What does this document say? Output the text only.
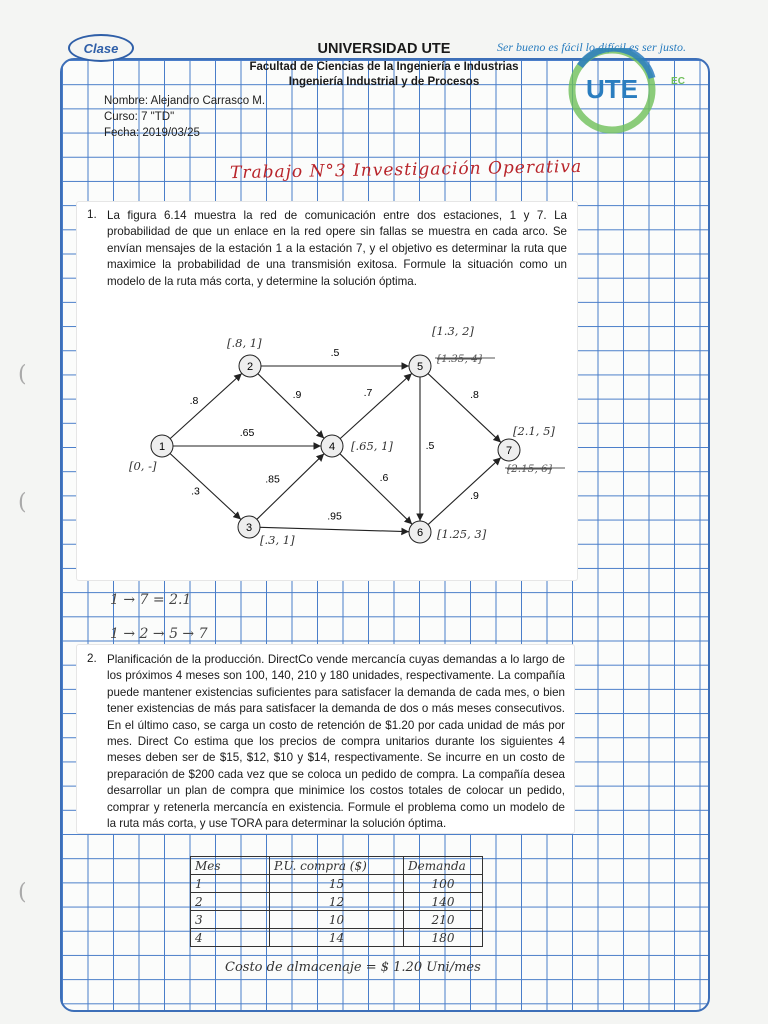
Clase	UNIVERSIDAD UTE	Ser bueno es fácil lo difícil es ser justo.
UTE	EC
Facultad de Ciencias de la Ingeniería e Industrias
Ingeniería Industrial y de Procesos
Nombre: Alejandro Carrasco M.
Curso: 7 "TD"
Fecha: 2019/03/25
Trabajo N°3 Investigación Operativa
(
(
(
1. La figura 6.14 muestra la red de comunicación entre dos estaciones, 1 y 7. La probabilidad de que un enlace en la red opere sin fallas se muestra en cada arco. Se envían mensajes de la estación 1 a la estación 7, y el objetivo es determinar la ruta que maximice la probabilidad de una transmisión exitosa. Formule la situación como un modelo de la ruta más corta, y determine la solución óptima.
.8
.65
.3
.5
.9
.85
.95
.7
.6
.5
.8
.9
1
[0, -]
2
[.8, 1]
3
[.3, 1]
4 [.65, 1]
5
[1.3, 2]
6 [1.25, 3]
7
[2.1, 5]
[1.35, 4]
[2.15, 6]
1 → 7 = 2.1
1 → 2 → 5 → 7
2. Planificación de la producción. DirectCo vende mercancía cuyas demandas a lo largo de los próximos 4 meses son 100, 140, 210 y 180 unidades, respectivamente. La compañía puede mantener existencias suficientes para satisfacer la demanda de cada mes, o bien tener existencias de más para satisfacer la demanda de dos o más meses consecutivos. En el último caso, se carga un costo de retención de $1.20 por cada unidad de más por mes. Direct Co estima que los precios de compra unitarios durante los siguientes 4 meses deben ser de $15, $12, $10 y $14, respectivamente. Se incurre en un costo de preparación de $200 cada vez que se coloca un pedido de compra. La compañía desea desarrollar un plan de compra que minimice los costos totales de colocar un pedido, comprar y retenerla mercancía en existencia. Formule el problema como un modelo de la ruta más corta, y use TORA para determinar la solución óptima.
Mes	P.U. compra ($)	Demanda
1	15	100
2	12	140
3	10	210
4	14	180
Costo de almacenaje = $ 1.20 Uni/mes
